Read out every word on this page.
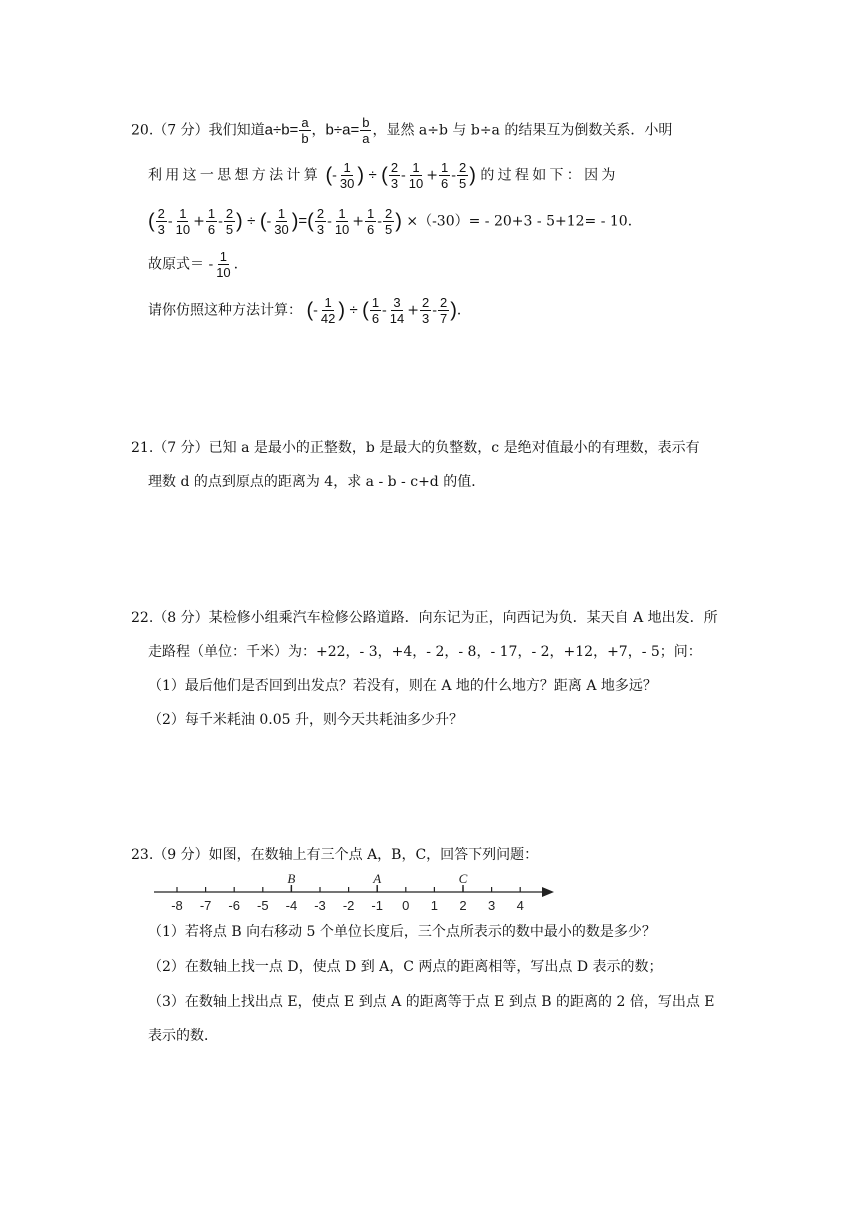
20.（7 分）我们知道$a\div b= \frac{a}{b}$ ，$b\div a= \frac{b}{a}$ ，显然 a÷b 与 b÷a 的结果互为倒数关系．小明
利用这一思想方法计算 (- $\frac{1}{30}$ ) ÷ ( $\frac{2}{3} - \frac{1}{10} + \frac{1}{6} - \frac{2}{5}$ ) 的过程如下：因为
( $\frac{2}{3} - \frac{1}{10} + \frac{1}{6} - \frac{2}{5}$ ) ÷ (- $\frac{1}{30}$ )=( $\frac{2}{3} - \frac{1}{10} + \frac{1}{6} - \frac{2}{5}$ ) ×（-30）= - 20+3 - 5+12= - 10．
故原式＝ - $\frac{1}{10}$ .
请你仿照这种方法计算： (- $\frac{1}{42}$ ) ÷ ( $\frac{1}{6} - \frac{3}{14} + \frac{2}{3} - \frac{2}{7}$ )．
21.（7 分）已知 a 是最小的正整数，b 是最大的负整数，c 是绝对值最小的有理数，表示有
理数 d 的点到原点的距离为 4，求 a - b - c+d 的值．
22.（8 分）某检修小组乘汽车检修公路道路．向东记为正，向西记为负．某天自 A 地出发．所
走路程（单位：千米）为：+22，- 3，+4，- 2，- 8，- 17，- 2，+12，+7，- 5；问：
（1）最后他们是否回到出发点？若没有，则在 A 地的什么地方？距离 A 地多远？
（2）每千米耗油 0.05 升，则今天共耗油多少升？
23.（9 分）如图，在数轴上有三个点 A，B，C，回答下列问题：
-8 -7 -6 -5 -4 -3 -2 -1 0 1 2 3 4
B	A	C
（1）若将点 B 向右移动 5 个单位长度后，三个点所表示的数中最小的数是多少？
（2）在数轴上找一点 D，使点 D 到 A，C 两点的距离相等，写出点 D 表示的数；
（3）在数轴上找出点 E，使点 E 到点 A 的距离等于点 E 到点 B 的距离的 2 倍，写出点 E
表示的数．
